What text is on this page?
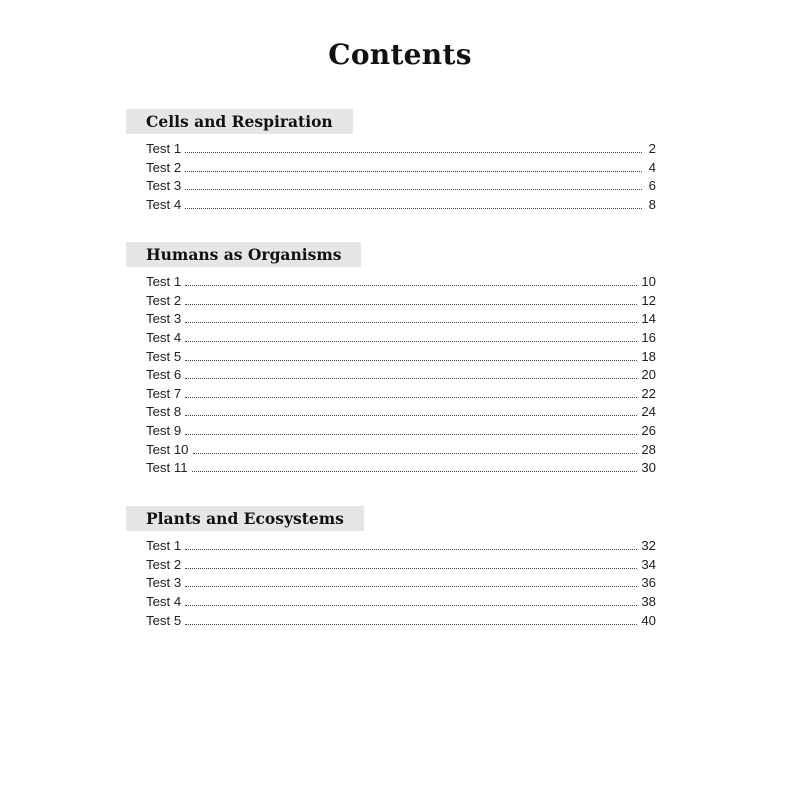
Contents
Cells and Respiration
Test 1	2
Test 2	4
Test 3	6
Test 4	8
Humans as Organisms
Test 1	10
Test 2	12
Test 3	14
Test 4	16
Test 5	18
Test 6	20
Test 7	22
Test 8	24
Test 9	26
Test 10	28
Test 11	30
Plants and Ecosystems
Test 1	32
Test 2	34
Test 3	36
Test 4	38
Test 5	40
